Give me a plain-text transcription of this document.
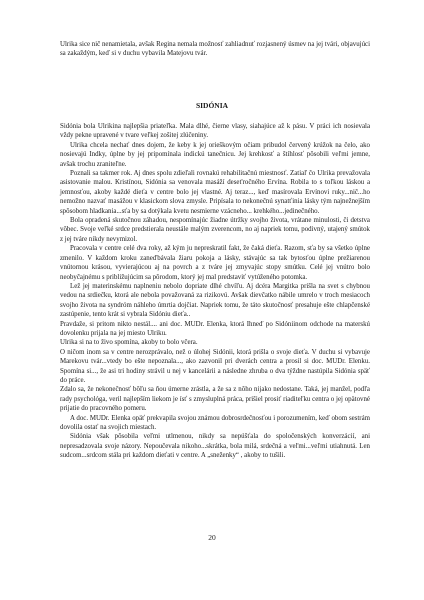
Ulrika sice nič nenamietala, avšak Regina nemala možnosť zahliadnuť rozjasnený úsmev na jej tvári, objavujúci sa zakaždým, keď si v duchu vybavila Matejovu tvár.

SIDÓNIA

Sidónia bola Ulrikina najlepšia priateľka. Mala dlhé, čierne vlasy, siahajúce až k pásu. V práci ich nosievala vždy pekne upravené v tvare veľkej zošitej zlúčeniny.

Ulrika chcela nechať dnes dojem, že keby k jej orieškovým očiam pribudol červený krúžok na čelo, ako nosievajú Indky, úplne by jej pripomínala indickú tanečnicu. Jej krehkosť a štíhlosť pôsobili veľmi jemne, avšak trochu zraniteľne.

Poznali sa takmer rok. Aj dnes spolu zdieľali rovnakú rehabilitačnú miestnosť. Zatiaľ čo Ulrika prevažovala asistovanie malou. Kristínou, Sidónia sa venovala masáží deset'ročného Ervína. Robila to s toľkou láskou a jemnosťou, akoby každé dieťa v centre bolo jej vlastné. Aj teraz..., keď masírovala Ervínovi ruky...nič...ho nemožno nazvať masážou v klasickom slova zmysle. Pripísala to nekonečnú synatťinia lásky tým najnežnejším spôsobom hladkania...sťa by sa dotýkala kvetu nesmierne vzácneho... krehkého...jedinečného.

Bola opradená skutočnou záhadou, nespomínajúc žiadne útržky svojho života, vrátane minulosti, či detstva vôbec. Svoje veľké srdce predstierala neustále malým zverencom, no aj napriek tomu, podivný, utajený smútok z jej tváre nikdy nevymizol.

Pracovala v centre celé dva roky, až kým ju nepreskratil fakt, že čaká dieťa. Razom, sťa by sa všetko úplne zmenilo. V každom kroku zaneďbávala žiaru pokoja a lásky, stávajúc sa tak bytosťou úplne prežiarenou vnútornou krásou, vyvierajúcou aj na povrch a z tváre jej zmyvajúc stopy smútku. Celé jej vnútro bolo neobyčajnému s približujúcim sa pôrodom, ktorý jej mal predstaviť vytúženého potomka.

Lež jej materinskému naplneniu nebolo dopriate dlhé chvíľu. Aj dcéra Margitka prišla na svet s chybnou vedou na srdiečku, ktorá ale nebola považovaná za rizikovú. Avšak dievčatko nábile umrelo v troch mesiacoch svojho života na syndróm náhleho úmrtia dojčiat. Napriek tomu, že táto skutočnosť presahuje ešte chlapčenské zastúpenie, tento krát si vybrala Sidóniu dieťa..

Pravdaže, si pritom nikto nestál.... ani doc. MUDr. Elenka, ktorá Ihneď po Sidóniinom odchode na materskú dovolenku prijala na jej miesto Ulriku.

Ulrika si na to živo spomína, akoby to bolo včera.

O ničom inom sa v centre nerozprávalo, než o úlohej Sidónii, ktorá prišla o svoje dieťa. V duchu si vybavuje Marekovu tvár...vtedy bo ešte nepoznala..., ako zazvonil pri dverách centra a prosil si doc. MUDr. Elenku. Spomína si..., že asi tri hodiny strávil u nej v kancelárii a následne zhruba o dva týždne nastúpila Sidónia späť do práce.

Zdalo sa, že nekonečnosť bôľu sa ňou úmerne zrástla, a že sa z nôho nijako nedostane. Taká, jej manžel, podľa rady psychológa, veril najlepším liekom je ísť s zmysluplná práca, prišiel prosiť riaditeľku centra o jej opätovné prijatie do pracovného pomeru.

A doc. MUDr. Elenka opäť prekvapila svojou známou dobrosrdečnosťou i porozumením, keď obom sestrám dovolila ostať na svojich miestach.

Sidónia však pôsobila veľmi utlmenou, nikdy sa nepúšťala do spoločenských konverzácií, ani nepresadzovala svoje názory. Nepoučevala nikoho...skrátka, bola milá, srdečná a veľmi...veľmi utiahnutá. Len sudcom...srdcom stála pri každom dieťati v centre. A „sneženky“ , akoby to tušili.

20
